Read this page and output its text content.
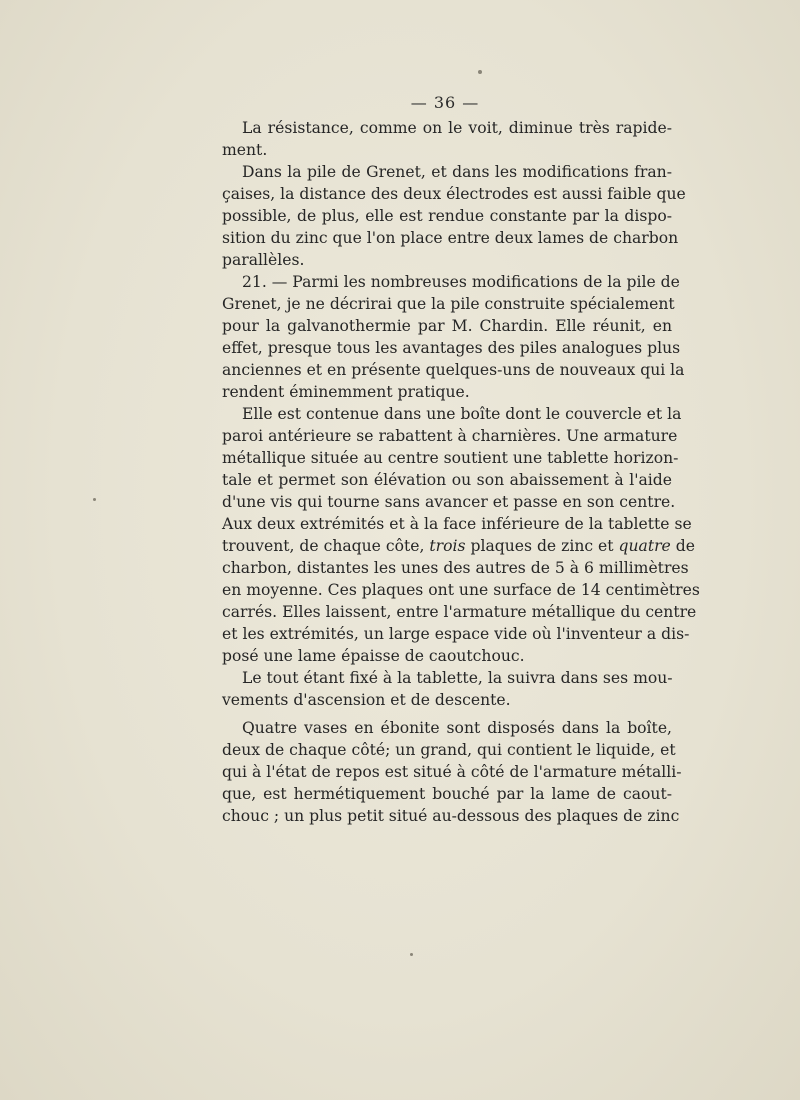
— 36 —
La résistance, comme on le voit, diminue très rapide-
ment.
Dans la pile de Grenet, et dans les modifications fran-
çaises, la distance des deux électrodes est aussi faible que
possible, de plus, elle est rendue constante par la dispo-
sition du zinc que l'on place entre deux lames de charbon
parallèles.
21. — Parmi les nombreuses modifications de la pile de
Grenet, je ne décrirai que la pile construite spécialement
pour la galvanothermie par M. Chardin. Elle réunit, en
effet, presque tous les avantages des piles analogues plus
anciennes et en présente quelques-uns de nouveaux qui la
rendent éminemment pratique.
Elle est contenue dans une boîte dont le couvercle et la
paroi antérieure se rabattent à charnières. Une armature
métallique située au centre soutient une tablette horizon-
tale et permet son élévation ou son abaissement à l'aide
d'une vis qui tourne sans avancer et passe en son centre.
Aux deux extrémités et à la face inférieure de la tablette se
trouvent, de chaque côte, trois plaques de zinc et quatre de
charbon, distantes les unes des autres de 5 à 6 millimètres
en moyenne. Ces plaques ont une surface de 14 centimètres
carrés. Elles laissent, entre l'armature métallique du centre
et les extrémités, un large espace vide où l'inventeur a dis-
posé une lame épaisse de caoutchouc.
Le tout étant fixé à la tablette, la suivra dans ses mou-
vements d'ascension et de descente.
Quatre vases en ébonite sont disposés dans la boîte,
deux de chaque côté; un grand, qui contient le liquide, et
qui à l'état de repos est situé à côté de l'armature métalli-
que, est hermétiquement bouché par la lame de caout-
chouc ; un plus petit situé au-dessous des plaques de zinc
